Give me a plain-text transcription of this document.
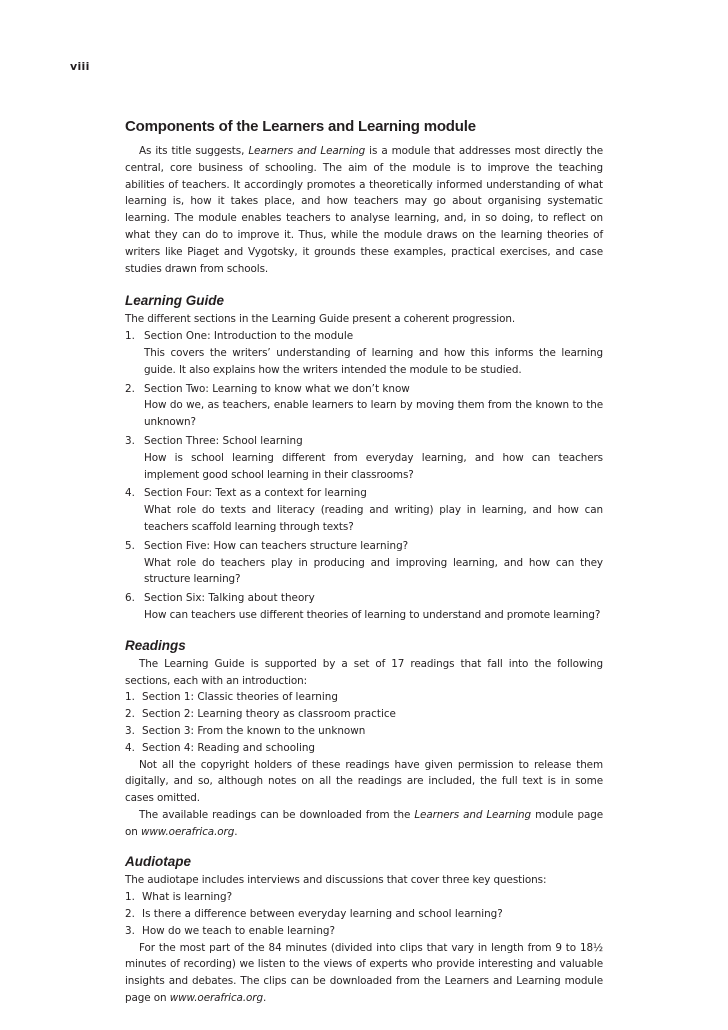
viii
Components of the Learners and Learning module

As its title suggests, Learners and Learning is a module that addresses most directly the central, core business of schooling. The aim of the module is to improve the teaching abilities of teachers. It accordingly promotes a theoretically informed understanding of what learning is, how it takes place, and how teachers may go about organising systematic learning. The module enables teachers to analyse learning, and, in so doing, to reflect on what they can do to improve it. Thus, while the module draws on the learning theories of writers like Piaget and Vygotsky, it grounds these examples, practical exercises, and case studies drawn from schools.

Learning Guide

The different sections in the Learning Guide present a coherent progression.

1. Section One: Introduction to the module
This covers the writers’ understanding of learning and how this informs the learning guide. It also explains how the writers intended the module to be studied.
2. Section Two: Learning to know what we don’t know
How do we, as teachers, enable learners to learn by moving them from the known to the unknown?
3. Section Three: School learning
How is school learning different from everyday learning, and how can teachers implement good school learning in their classrooms?
4. Section Four: Text as a context for learning
What role do texts and literacy (reading and writing) play in learning, and how can teachers scaffold learning through texts?
5. Section Five: How can teachers structure learning?
What role do teachers play in producing and improving learning, and how can they structure learning?
6. Section Six: Talking about theory
How can teachers use different theories of learning to understand and promote learning?
Readings

The Learning Guide is supported by a set of 17 readings that fall into the following sections, each with an introduction:

1. Section 1: Classic theories of learning
2. Section 2: Learning theory as classroom practice
3. Section 3: From the known to the unknown
4. Section 4: Reading and schooling

Not all the copyright holders of these readings have given permission to release them digitally, and so, although notes on all the readings are included, the full text is in some cases omitted.

The available readings can be downloaded from the Learners and Learning module page on www.oerafrica.org.

Audiotape

The audiotape includes interviews and discussions that cover three key questions:

1. What is learning?
2. Is there a difference between everyday learning and school learning?
3. How do we teach to enable learning?

For the most part of the 84 minutes (divided into clips that vary in length from 9 to 18½ minutes of recording) we listen to the views of experts who provide interesting and valuable insights and debates. The clips can be downloaded from the Learners and Learning module page on www.oerafrica.org.
